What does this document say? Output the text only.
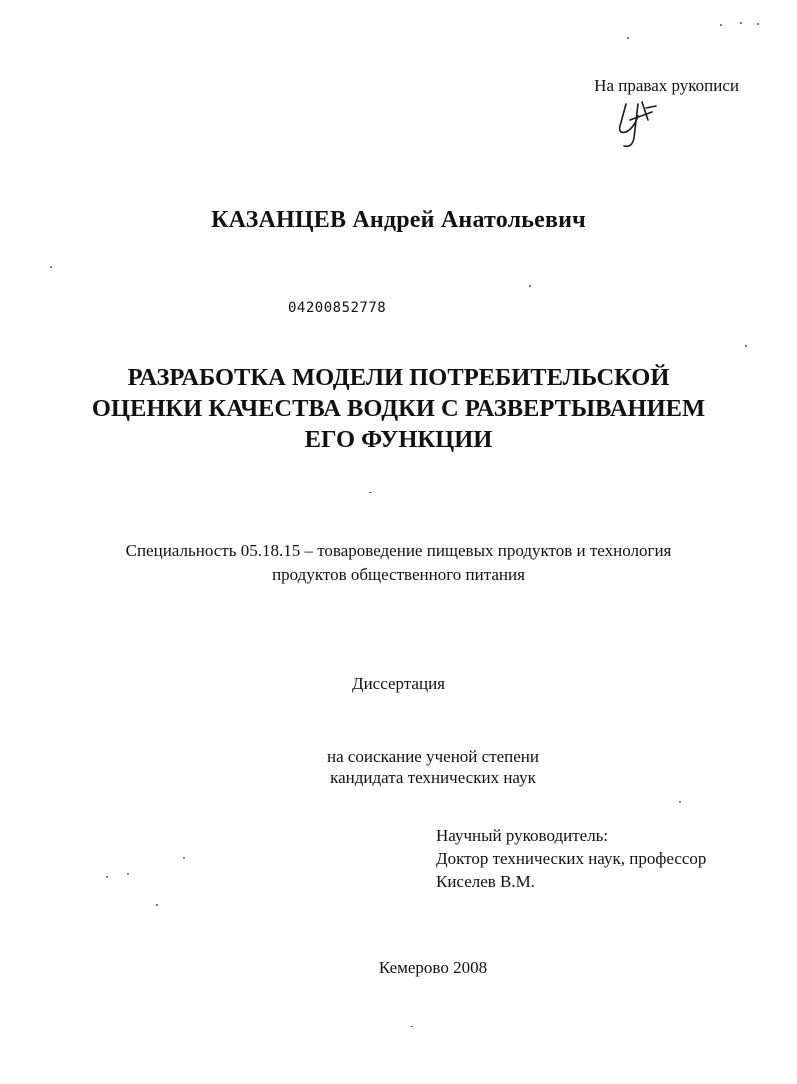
На правах рукописи
КАЗАНЦЕВ Андрей Анатольевич
04200852778
РАЗРАБОТКА МОДЕЛИ ПОТРЕБИТЕЛЬСКОЙ
ОЦЕНКИ КАЧЕСТВА ВОДКИ С РАЗВЕРТЫВАНИЕМ
ЕГО ФУНКЦИИ
Специальность 05.18.15 – товароведение пищевых продуктов и технология
продуктов общественного питания
Диссертация
на соискание ученой степени
кандидата технических наук
Научный руководитель:
Доктор технических наук, профессор
Киселев В.М.
Кемерово 2008
